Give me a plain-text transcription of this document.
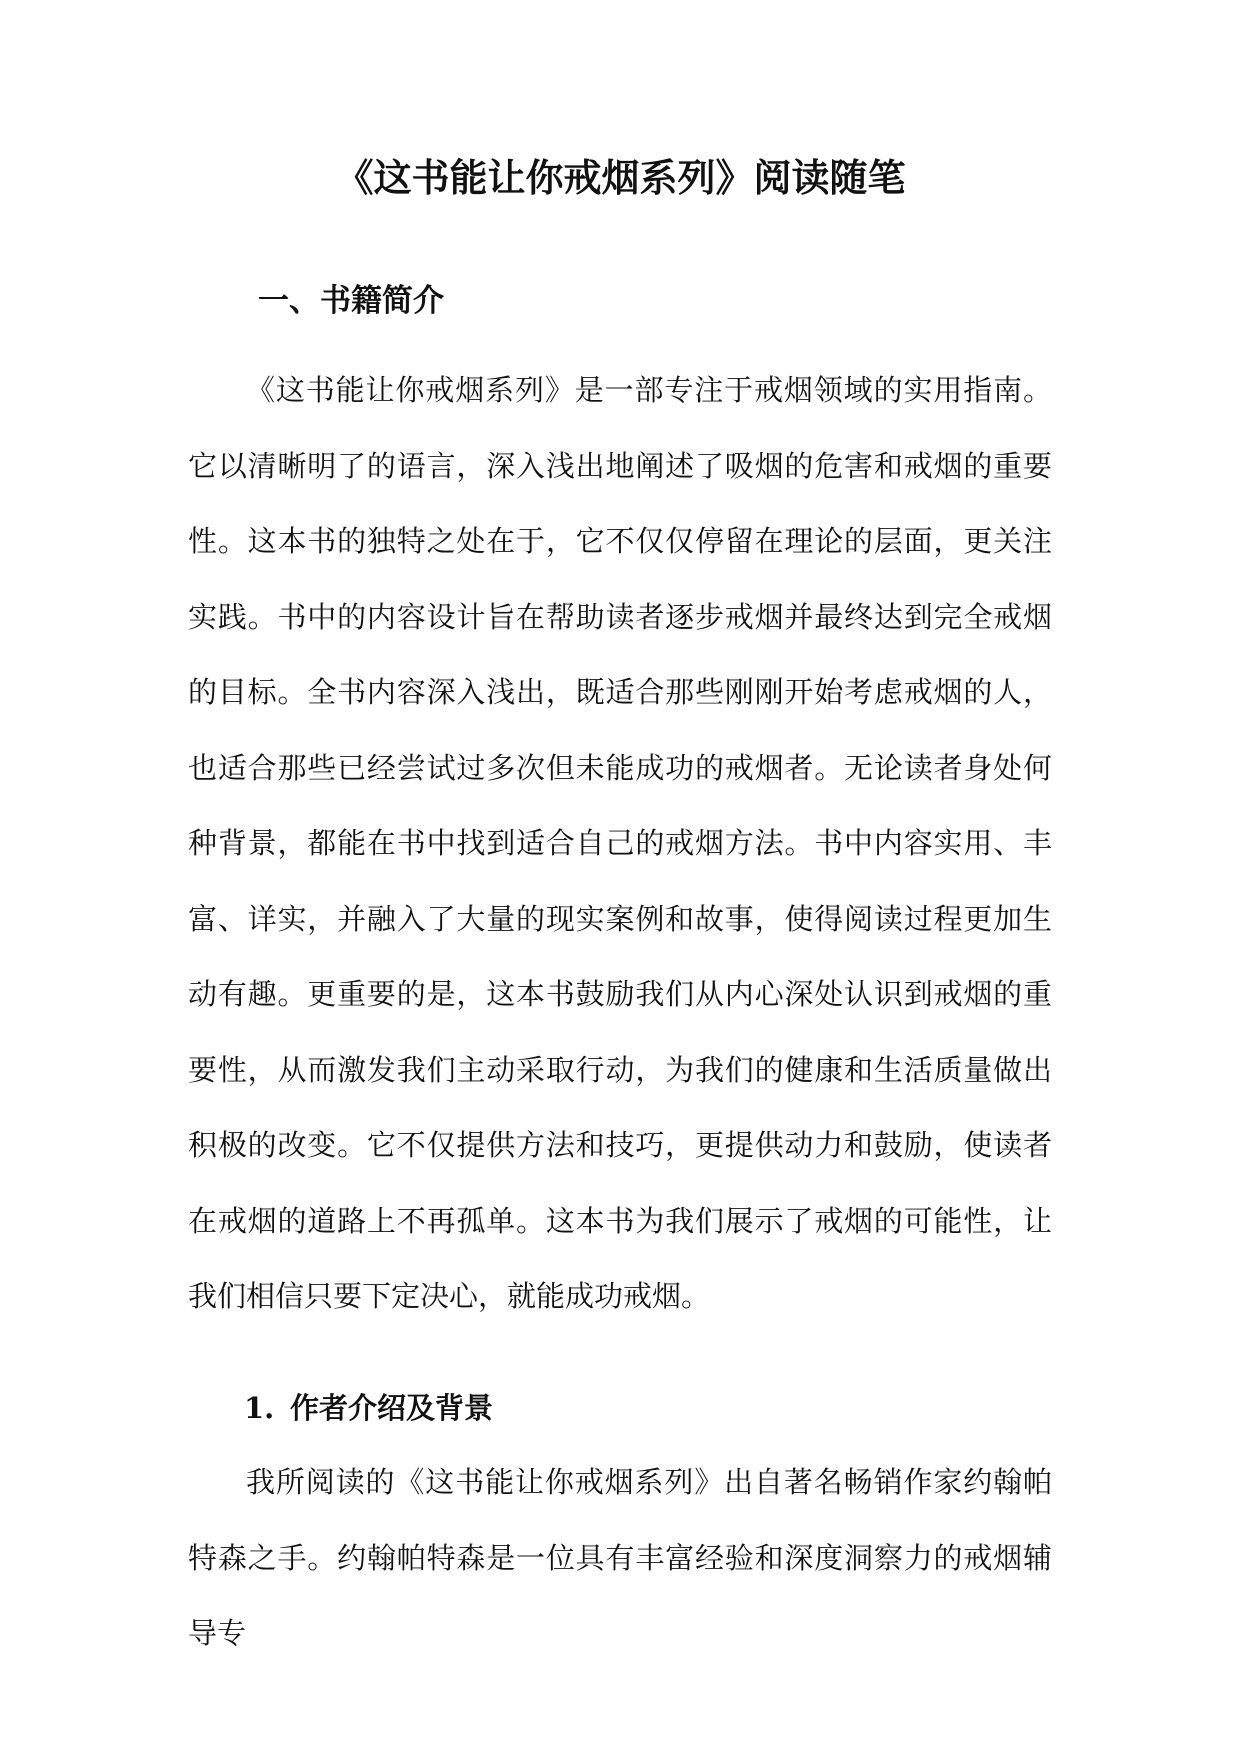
《这书能让你戒烟系列》阅读随笔
一、书籍简介

《这书能让你戒烟系列》是一部专注于戒烟领域的实用指南。它以清晰明了的语言，深入浅出地阐述了吸烟的危害和戒烟的重要性。这本书的独特之处在于，它不仅仅停留在理论的层面，更关注实践。书中的内容设计旨在帮助读者逐步戒烟并最终达到完全戒烟的目标。全书内容深入浅出，既适合那些刚刚开始考虑戒烟的人，也适合那些已经尝试过多次但未能成功的戒烟者。无论读者身处何种背景，都能在书中找到适合自己的戒烟方法。书中内容实用、丰富、详实，并融入了大量的现实案例和故事，使得阅读过程更加生动有趣。更重要的是，这本书鼓励我们从内心深处认识到戒烟的重要性，从而激发我们主动采取行动，为我们的健康和生活质量做出积极的改变。它不仅提供方法和技巧，更提供动力和鼓励，使读者在戒烟的道路上不再孤单。这本书为我们展示了戒烟的可能性，让我们相信只要下定决心，就能成功戒烟。

1. 作者介绍及背景

我所阅读的《这书能让你戒烟系列》出自著名畅销作家约翰帕特森之手。约翰帕特森是一位具有丰富经验和深度洞察力的戒烟辅导专
